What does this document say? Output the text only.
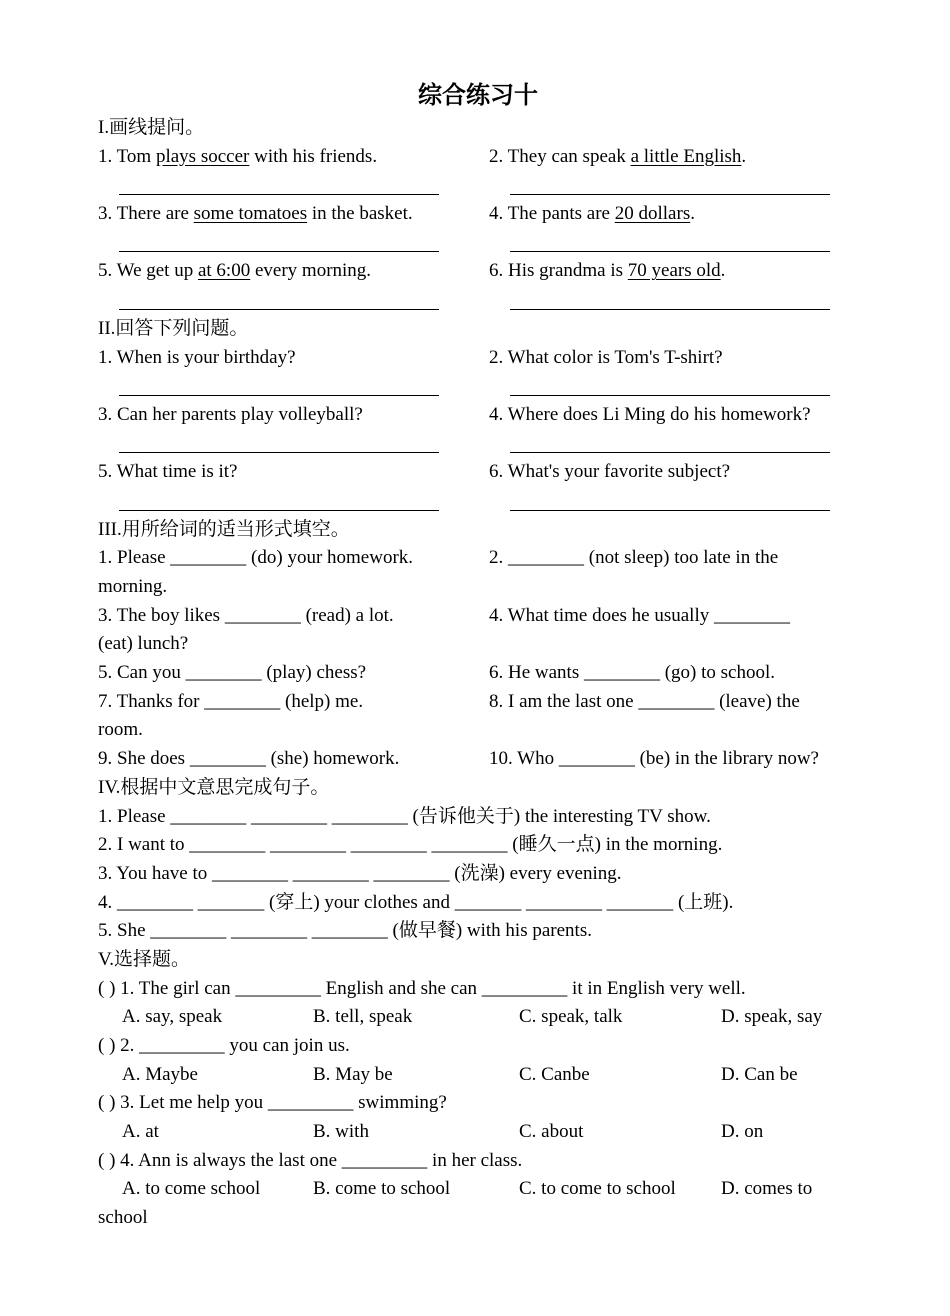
综合练习十
I.画线提问。
1. Tom plays soccer with his friends.	2. They can speak a little English.
3. There are some tomatoes in the basket.	4. The pants are 20 dollars.
5. We get up at 6:00 every morning.	6. His grandma is 70 years old.
II.回答下列问题。
1. When is your birthday?	2. What color is Tom's T-shirt?
3. Can her parents play volleyball?	4. Where does Li Ming do his homework?
5. What time is it?	6. What's your favorite subject?
III.用所给词的适当形式填空。
1. Please ________ (do) your homework.	2. ________ (not sleep) too late in the
morning.
3. The boy likes ________ (read) a lot.	4. What time does he usually ________
(eat) lunch?
5. Can you ________ (play) chess?	6. He wants ________ (go) to school.
7. Thanks for ________ (help) me.	8. I am the last one ________ (leave) the
room.
9. She does ________ (she) homework.	10. Who ________ (be) in the library now?
IV.根据中文意思完成句子。
1. Please ________ ________ ________ (告诉他关于) the interesting TV show.
2. I want to ________ ________ ________ ________ (睡久一点) in the morning.
3. You have to ________ ________ ________ (洗澡) every evening.
4. ________ _______ (穿上) your clothes and _______ ________ _______ (上班).
5. She ________ ________ ________ (做早餐) with his parents.
V.选择题。
( ) 1. The girl can _________ English and she can _________ it in English very well.
A. say, speak	B. tell, speak	C. speak, talk	D. speak, say
( ) 2. _________ you can join us.
A. Maybe	B. May be	C. Canbe	D. Can be
( ) 3. Let me help you _________ swimming?
A. at	B. with	C. about	D. on
( ) 4. Ann is always the last one _________ in her class.
A. to come school	B. come to school	C. to come to school D. comes to
school
